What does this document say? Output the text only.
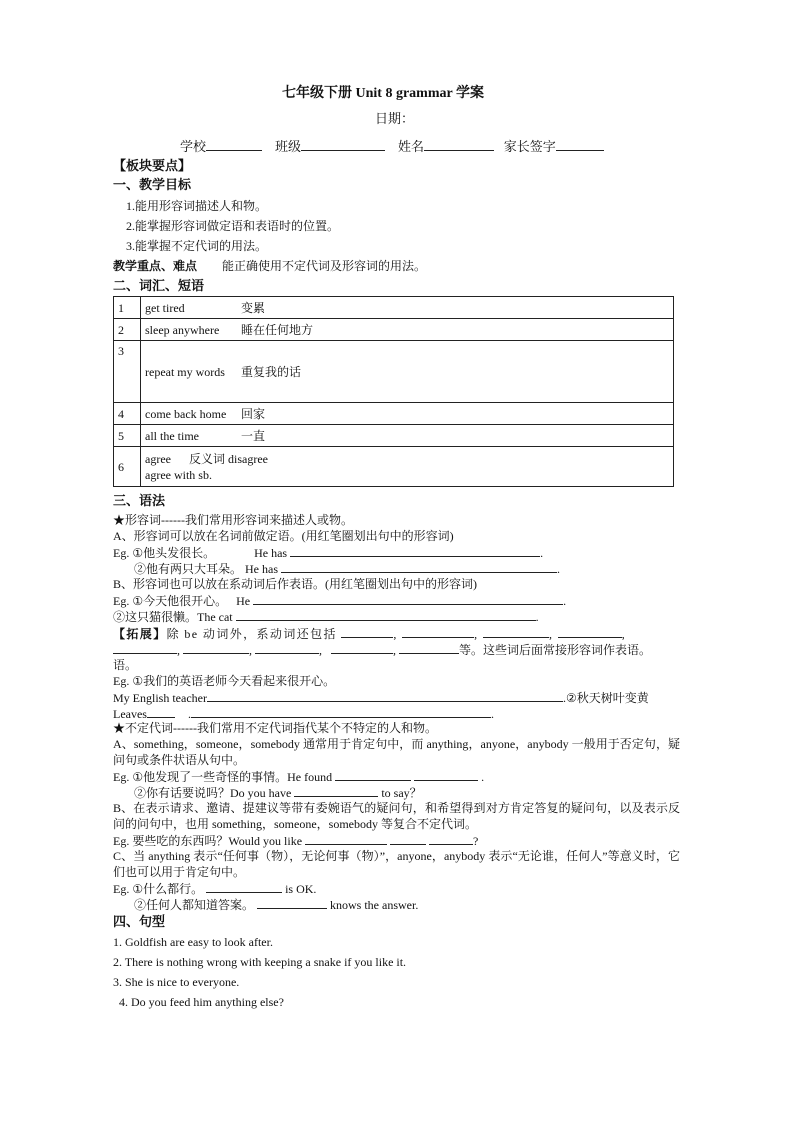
七年级下册 Unit 8 grammar 学案
日期：
学校	班级	姓名	家长签字
【板块要点】
一、教学目标
1.能用形容词描述人和物。
2.能掌握形容词做定语和表语时的位置。
3.能掌握不定代词的用法。
教学重点、难点 能正确使用不定代词及形容词的用法。
二、词汇、短语
1	get tired 变累
2	sleep anywhere 睡在任何地方
3	repeat my words 重复我的话
4	come back home 回家
5	all the time 一直
6	agree 反义词 disagree
agree with sb.
三、语法
★形容词------我们常用形容词来描述人或物。
A、形容词可以放在名词前做定语。(用红笔圈划出句中的形容词)
Eg. ①他头发很长。	He has	.
②他有两只大耳朵。 He has	.
B、形容词也可以放在系动词后作表语。(用红笔圈划出句中的形容词)
Eg. ①今天他很开心。 He	.
②这只猫很懒。The cat	.
【拓展】除 be 动词外，系动词还包括	,	,	,	,
,	,	,	,	等。这些词后面常接形容词作表语。
语。
Eg. ①我们的英语老师今天看起来很开心。
My English teacher	.②秋天树叶变黄
Leaves	.	.
★不定代词------我们常用不定代词指代某个不特定的人和物。
A、something，someone，somebody 通常用于肯定句中，而 anything，anyone，anybody 一般用于否定句，疑问句或条件状语从句中。
Eg. ①他发现了一些奇怪的事情。He found	.
②你有话要说吗？Do you have	to say？
B、在表示请求、邀请、提建议等带有委婉语气的疑问句，和希望得到对方肯定答复的疑问句，以及表示反问的问句中，也用 something，someone，somebody 等复合不定代词。
Eg. 要些吃的东西吗？Would you like	?
C、当 anything 表示“任何事（物），无论何事（物）”，anyone，anybody 表示“无论谁，任何人”等意义时，它们也可以用于肯定句中。
Eg. ①什么都行。	is OK.
②任何人都知道答案。	knows the answer.
四、句型
1. Goldfish are easy to look after.
2. There is nothing wrong with keeping a snake if you like it.
3. She is nice to everyone.
4. Do you feed him anything else?
